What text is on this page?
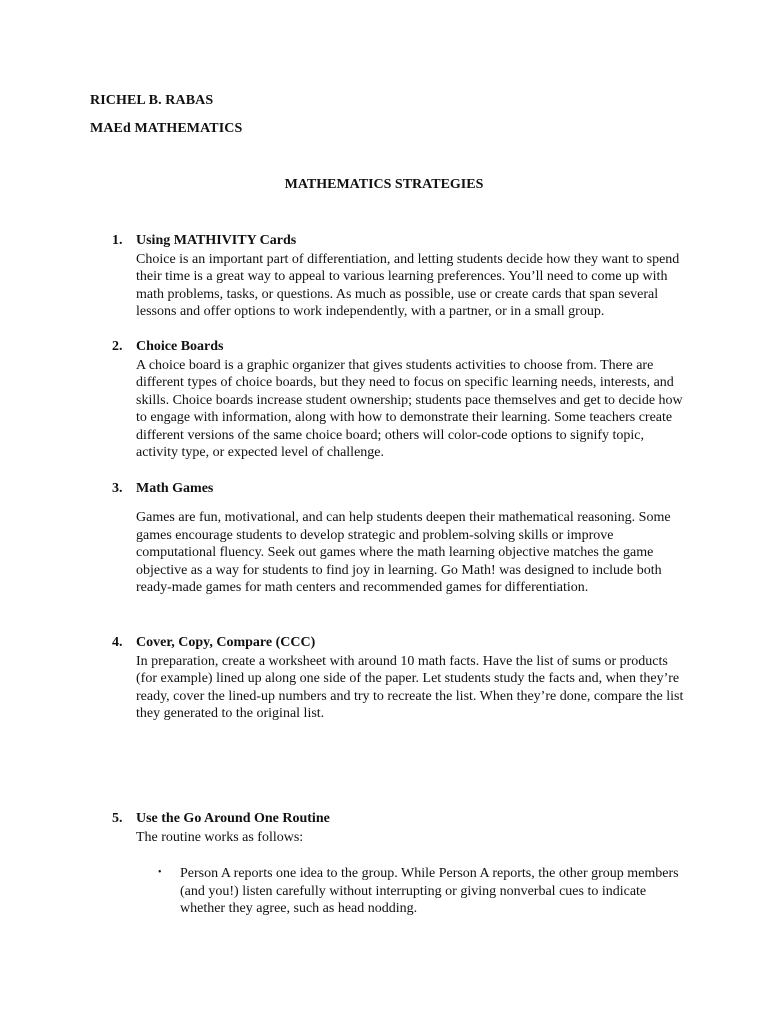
RICHEL B. RABAS
MAEd MATHEMATICS
MATHEMATICS STRATEGIES
1. Using MATHIVITY Cards
Choice is an important part of differentiation, and letting students decide how they want to spend
their time is a great way to appeal to various learning preferences. You’ll need to come up with
math problems, tasks, or questions. As much as possible, use or create cards that span several
lessons and offer options to work independently, with a partner, or in a small group.
2. Choice Boards
A choice board is a graphic organizer that gives students activities to choose from. There are
different types of choice boards, but they need to focus on specific learning needs, interests, and
skills. Choice boards increase student ownership; students pace themselves and get to decide how
to engage with information, along with how to demonstrate their learning. Some teachers create
different versions of the same choice board; others will color-code options to signify topic,
activity type, or expected level of challenge.
3. Math Games
Games are fun, motivational, and can help students deepen their mathematical reasoning. Some
games encourage students to develop strategic and problem-solving skills or improve
computational fluency. Seek out games where the math learning objective matches the game
objective as a way for students to find joy in learning. Go Math! was designed to include both
ready-made games for math centers and recommended games for differentiation.
4. Cover, Copy, Compare (CCC)
In preparation, create a worksheet with around 10 math facts. Have the list of sums or products
(for example) lined up along one side of the paper. Let students study the facts and, when they’re
ready, cover the lined-up numbers and try to recreate the list. When they’re done, compare the list
they generated to the original list.
5. Use the Go Around One Routine
The routine works as follows:
• Person A reports one idea to the group. While Person A reports, the other group members
(and you!) listen carefully without interrupting or giving nonverbal cues to indicate
whether they agree, such as head nodding.
